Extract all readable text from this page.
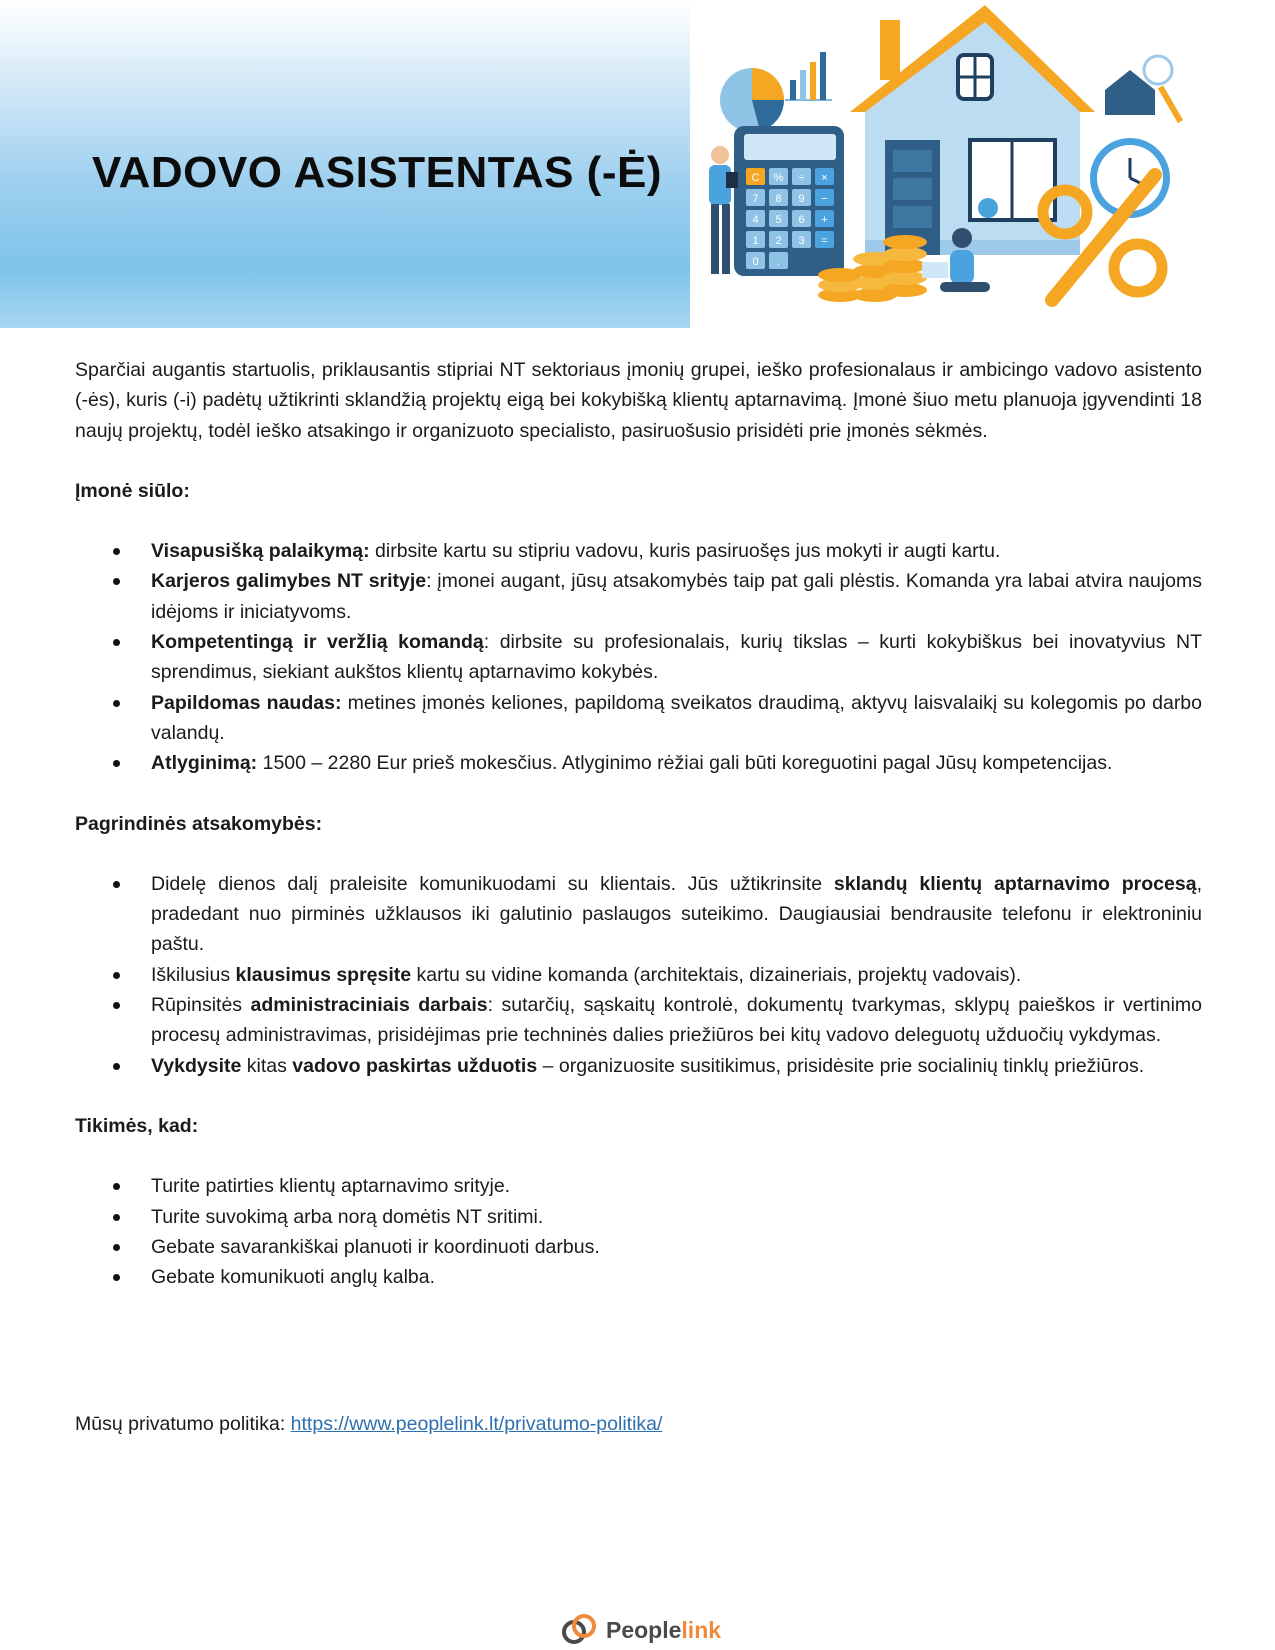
VADOVO ASISTENTAS (-Ė)	C % ÷ ×
7 8 9 −
4 5 6 +
1 2 3 =
0 .

Sparčiai augantis startuolis, priklausantis stipriai NT sektoriaus įmonių grupei, ieško profesionalaus ir ambicingo vadovo asistento (-ės), kuris (-i) padėtų užtikrinti sklandžią projektų eigą bei kokybišką klientų aptarnavimą. Įmonė šiuo metu planuoja įgyvendinti 18 naujų projektų, todėl ieško atsakingo ir organizuoto specialisto, pasiruošusio prisidėti prie įmonės sėkmės.

Įmonė siūlo:

Visapusišką palaikymą: dirbsite kartu su stipriu vadovu, kuris pasiruošęs jus mokyti ir augti kartu.
Karjeros galimybes NT srityje: įmonei augant, jūsų atsakomybės taip pat gali plėstis. Komanda yra labai atvira naujoms idėjoms ir iniciatyvoms.
Kompetentingą ir veržlią komandą: dirbsite su profesionalais, kurių tikslas – kurti kokybiškus bei inovatyvius NT sprendimus, siekiant aukštos klientų aptarnavimo kokybės.
Papildomas naudas: metines įmonės keliones, papildomą sveikatos draudimą, aktyvų laisvalaikį su kolegomis po darbo valandų.
Atlyginimą: 1500 – 2280 Eur prieš mokesčius. Atlyginimo rėžiai gali būti koreguotini pagal Jūsų kompetencijas.

Pagrindinės atsakomybės:

Didelę dienos dalį praleisite komunikuodami su klientais. Jūs užtikrinsite sklandų klientų aptarnavimo procesą, pradedant nuo pirminės užklausos iki galutinio paslaugos suteikimo. Daugiausiai bendrausite telefonu ir elektroniniu paštu.
Iškilusius klausimus spręsite kartu su vidine komanda (architektais, dizaineriais, projektų vadovais).
Rūpinsitės administraciniais darbais: sutarčių, sąskaitų kontrolė, dokumentų tvarkymas, sklypų paieškos ir vertinimo procesų administravimas, prisidėjimas prie techninės dalies priežiūros bei kitų vadovo deleguotų užduočių vykdymas.
Vykdysite kitas vadovo paskirtas užduotis – organizuosite susitikimus, prisidėsite prie socialinių tinklų priežiūros.

Tikimės, kad:

Turite patirties klientų aptarnavimo srityje.
Turite suvokimą arba norą domėtis NT sritimi.
Gebate savarankiškai planuoti ir koordinuoti darbus.
Gebate komunikuoti anglų kalba.
Mūsų privatumo politika: https://www.peoplelink.lt/privatumo-politika/
Peoplelink
